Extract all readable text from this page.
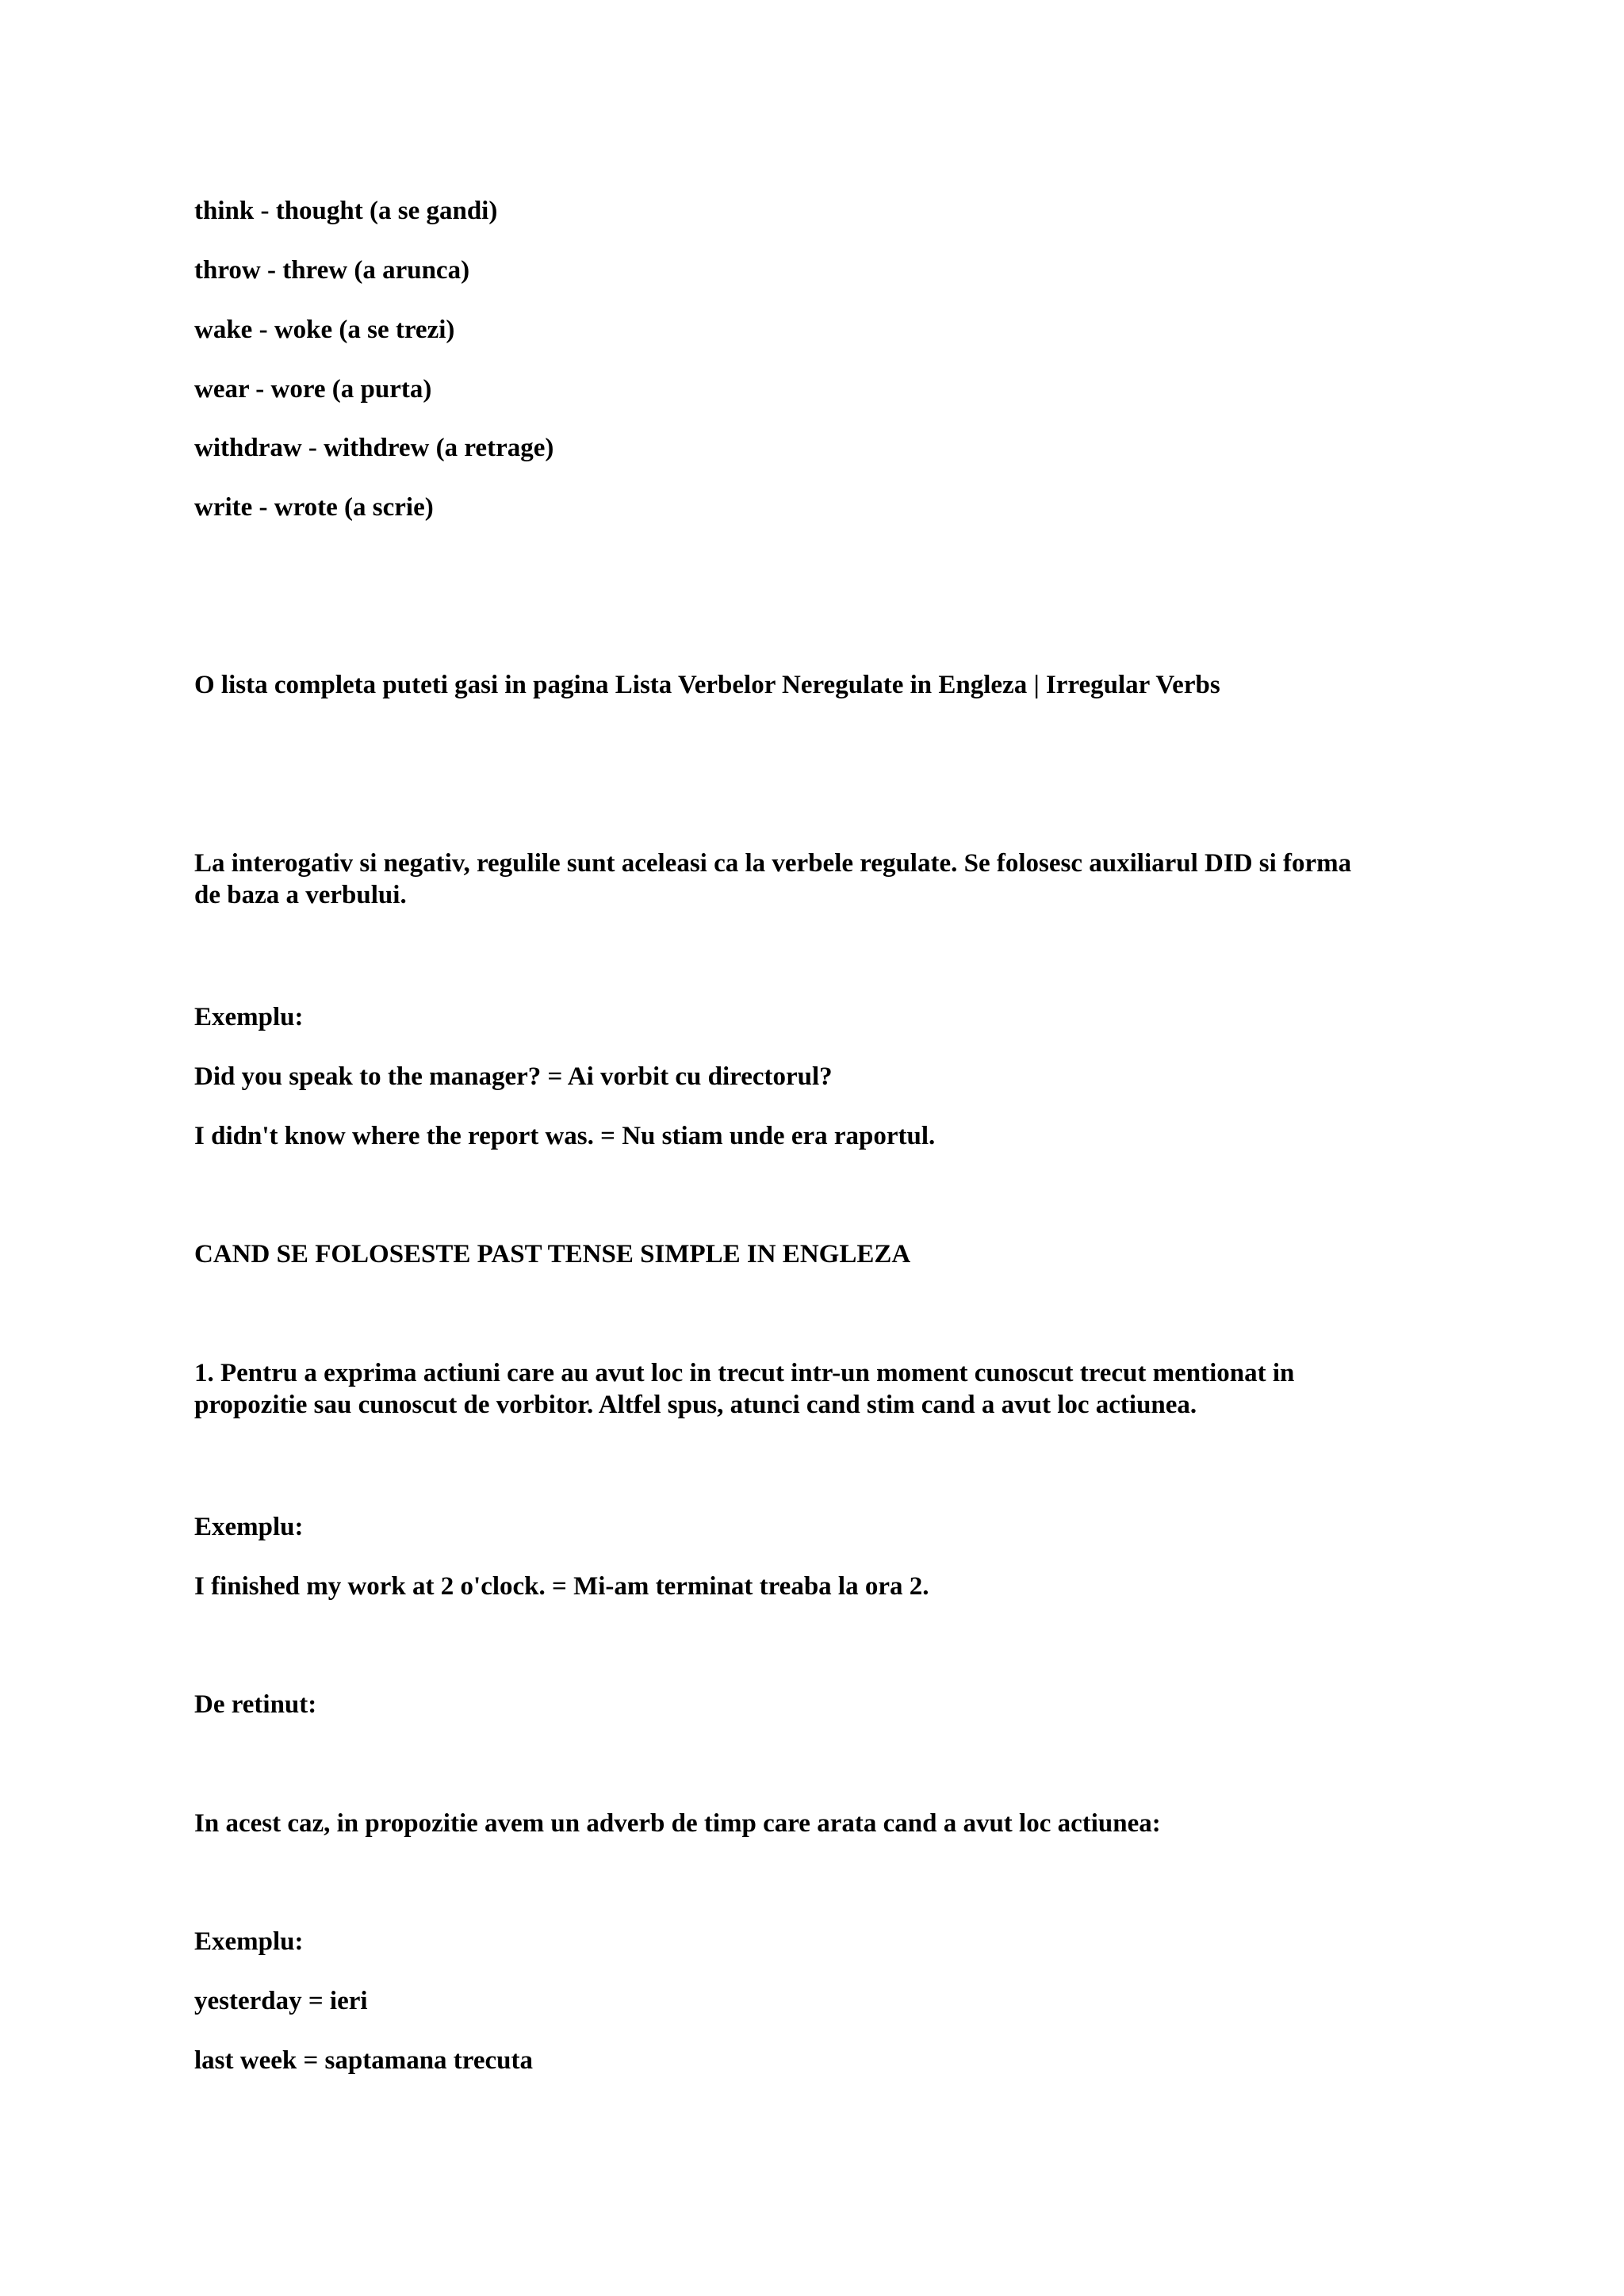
think - thought (a se gandi)

throw - threw (a arunca)

wake - woke (a se trezi)

wear - wore (a purta)

withdraw - withdrew (a retrage)

write - wrote (a scrie)

O lista completa puteti gasi in pagina Lista Verbelor Neregulate in Engleza | Irregular Verbs

La interogativ si negativ, regulile sunt aceleasi ca la verbele regulate. Se folosesc auxiliarul DID si forma
de baza a verbului.

Exemplu:

Did you speak to the manager? = Ai vorbit cu directorul?

I didn't know where the report was. = Nu stiam unde era raportul.

CAND SE FOLOSESTE PAST TENSE SIMPLE IN ENGLEZA

1. Pentru a exprima actiuni care au avut loc in trecut intr-un moment cunoscut trecut mentionat in
propozitie sau cunoscut de vorbitor. Altfel spus, atunci cand stim cand a avut loc actiunea.

Exemplu:

I finished my work at 2 o'clock. = Mi-am terminat treaba la ora 2.

De retinut:

In acest caz, in propozitie avem un adverb de timp care arata cand a avut loc actiunea:

Exemplu:

yesterday = ieri

last week = saptamana trecuta
